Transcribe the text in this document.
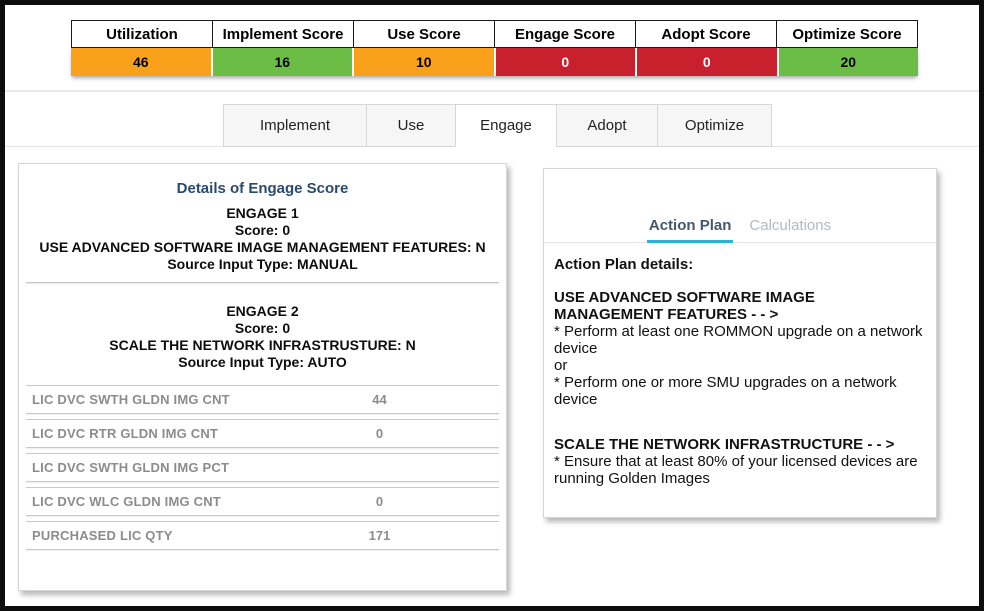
Utilization	Implement Score	Use Score	Engage Score	Adopt Score	Optimize Score
46	16	10	0	0	20
Implement	Use	Engage	Adopt	Optimize
Details of Engage Score
ENGAGE 1
Score: 0
USE ADVANCED SOFTWARE IMAGE MANAGEMENT FEATURES: N
Source Input Type: MANUAL
ENGAGE 2
Score: 0
SCALE THE NETWORK INFRASTRUSTURE: N
Source Input Type: AUTO
LIC DVC SWTH GLDN IMG CNT	44
LIC DVC RTR GLDN IMG CNT	0
LIC DVC SWTH GLDN IMG PCT
LIC DVC WLC GLDN IMG CNT	0
PURCHASED LIC QTY	171
Action Plan Calculations
Action Plan details:
USE ADVANCED SOFTWARE IMAGE MANAGEMENT FEATURES - - >
* Perform at least one ROMMON upgrade on a network device
or
* Perform one or more SMU upgrades on a network device
SCALE THE NETWORK INFRASTRUCTURE - - >
* Ensure that at least 80% of your licensed devices are running Golden Images
